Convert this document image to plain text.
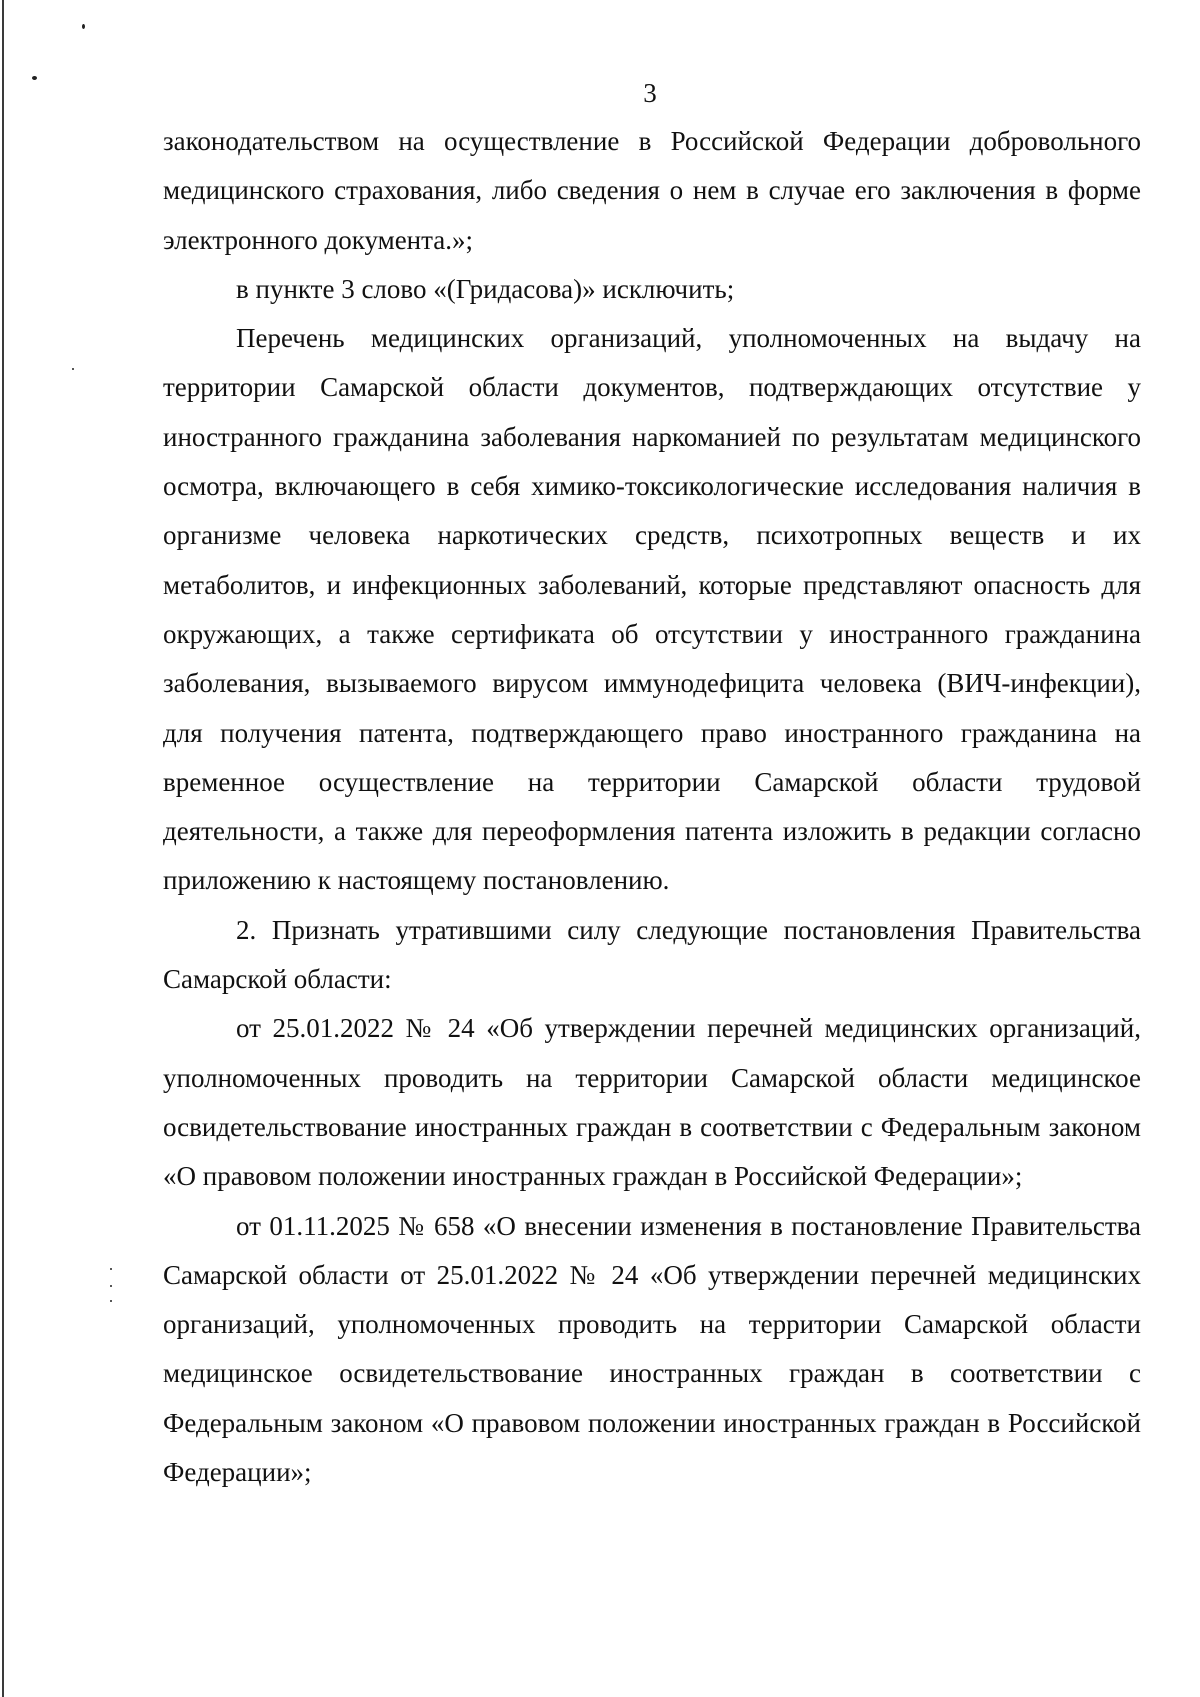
3

законодательством на осуществление в Российской Федерации добровольного медицинского страхования, либо сведения о нем в случае его заключения в форме электронного документа.»;

в пункте 3 слово «(Гридасова)» исключить;

Перечень медицинских организаций, уполномоченных на выдачу на территории Самарской области документов, подтверждающих отсутствие у иностранного гражданина заболевания наркоманией по результатам медицинского осмотра, включающего в себя химико-токсикологические исследования наличия в организме человека наркотических средств, психотропных веществ и их метаболитов, и инфекционных заболеваний, которые представляют опасность для окружающих, а также сертификата об отсутствии у иностранного гражданина заболевания, вызываемого вирусом иммунодефицита человека (ВИЧ-инфекции), для получения патента, подтверждающего право иностранного гражданина на временное осуществление на территории Самарской области трудовой деятельности, а также для переоформления патента изложить в редакции согласно приложению к настоящему постановлению.

2. Признать утратившими силу следующие постановления Правительства Самарской области:

от 25.01.2022 № 24 «Об утверждении перечней медицинских организаций, уполномоченных проводить на территории Самарской области медицинское освидетельствование иностранных граждан в соответствии с Федеральным законом «О правовом положении иностранных граждан в Российской Федерации»;

от 01.11.2025 № 658 «О внесении изменения в постановление Правительства Самарской области от 25.01.2022 № 24 «Об утверждении перечней медицинских организаций, уполномоченных проводить на территории Самарской области медицинское освидетельствование иностранных граждан в соответствии с Федеральным законом «О правовом положении иностранных граждан в Российской Федерации»;
